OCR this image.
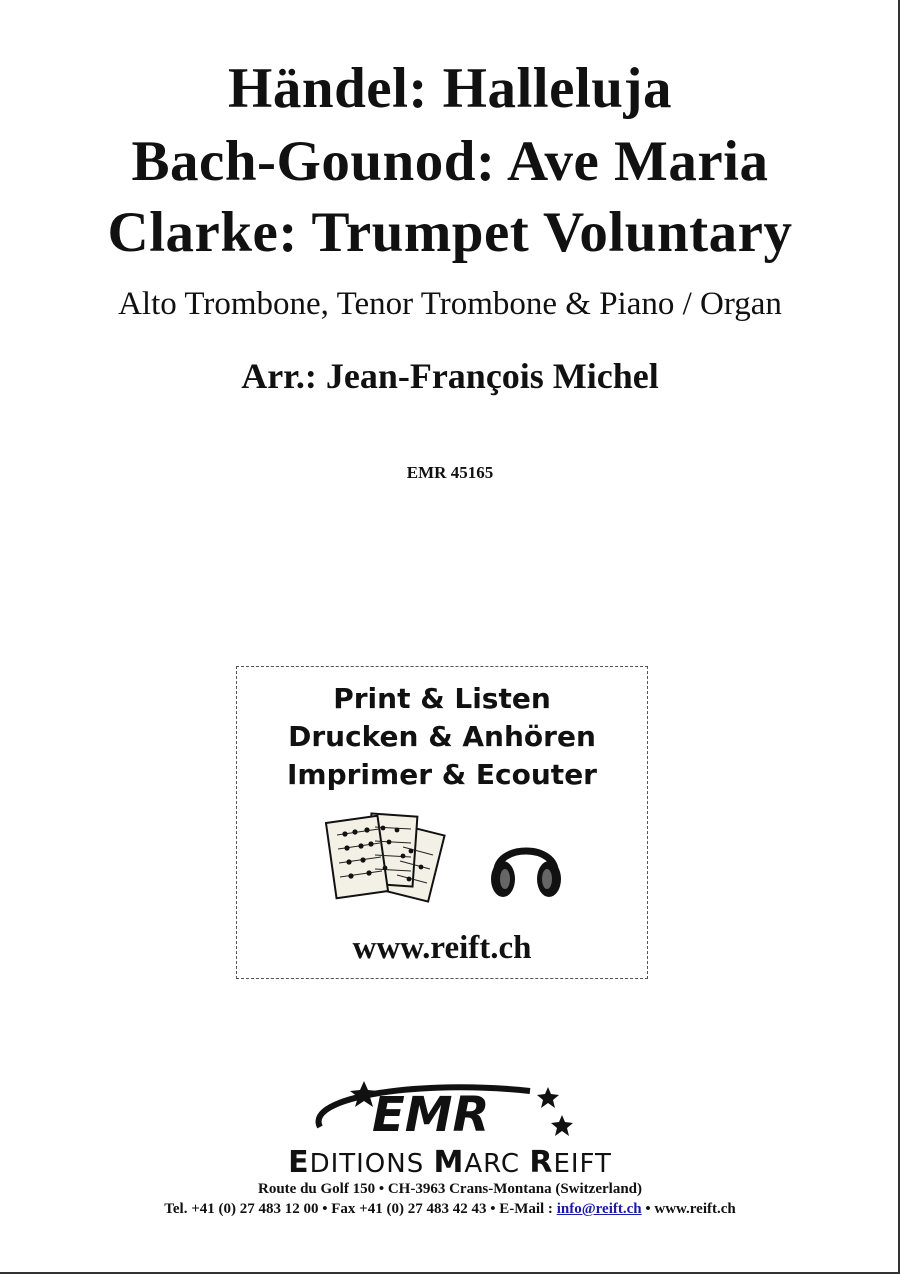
Händel: Halleluja
Bach-Gounod: Ave Maria
Clarke: Trumpet Voluntary
Alto Trombone, Tenor Trombone & Piano / Organ
Arr.: Jean-François Michel
EMR 45165
Print & Listen
Drucken & Anhören
Imprimer & Ecouter
www.reift.ch
EMR
EDITIONS MARC REIFT
Route du Golf 150 • CH-3963 Crans-Montana (Switzerland)
Tel. +41 (0) 27 483 12 00 • Fax +41 (0) 27 483 42 43 • E-Mail : info@reift.ch • www.reift.ch
